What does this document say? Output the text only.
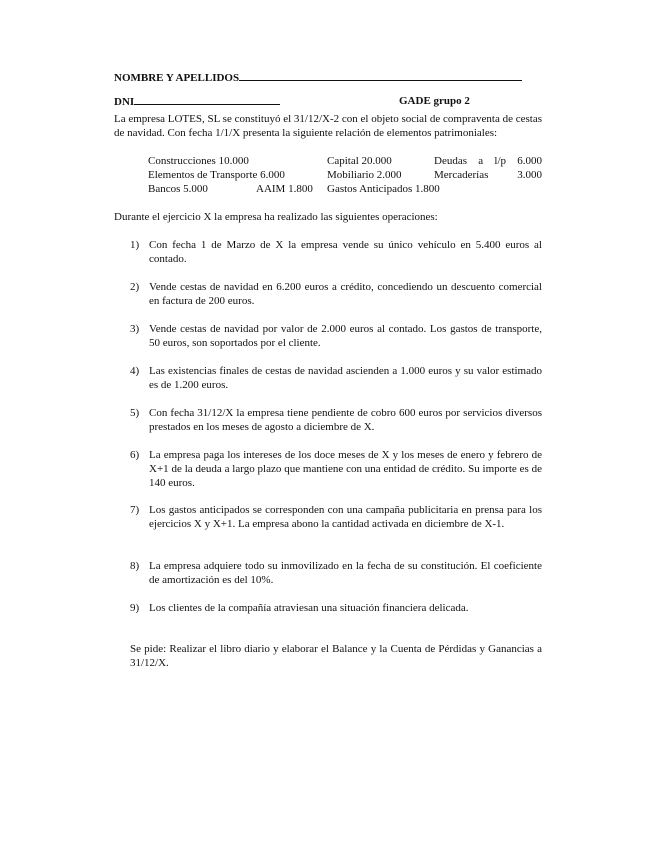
NOMBRE Y APELLIDOS
DNI	GADE grupo 2
La empresa LOTES, SL se constituyó el 31/12/X-2 con el objeto social de compraventa de cestas de navidad. Con fecha 1/1/X presenta la siguiente relación de elementos patrimoniales:
Construcciones 10.000	Capital 20.000	Deudas a l/p 6.000
Elementos de Transporte 6.000	Mobiliario 2.000	Mercaderías 3.000
Bancos 5.000	AAIM 1.800 Gastos Anticipados 1.800
Durante el ejercicio X la empresa ha realizado las siguientes operaciones:
1) Con fecha 1 de Marzo de X la empresa vende su único vehículo en 5.400 euros al contado.
2) Vende cestas de navidad en 6.200 euros a crédito, concediendo un descuento comercial en factura de 200 euros.
3) Vende cestas de navidad por valor de 2.000 euros al contado. Los gastos de transporte, 50 euros, son soportados por el cliente.
4) Las existencias finales de cestas de navidad ascienden a 1.000 euros y su valor estimado es de 1.200 euros.
5) Con fecha 31/12/X la empresa tiene pendiente de cobro 600 euros por servicios diversos prestados en los meses de agosto a diciembre de X.
6) La empresa paga los intereses de los doce meses de X y los meses de enero y febrero de X+1 de la deuda a largo plazo que mantiene con una entidad de crédito. Su importe es de 140 euros.
7) Los gastos anticipados se corresponden con una campaña publicitaria en prensa para los ejercicios X y X+1. La empresa abono la cantidad activada en diciembre de X-1.
8) La empresa adquiere todo su inmovilizado en la fecha de su constitución. El coeficiente de amortización es del 10%.
9) Los clientes de la compañía atraviesan una situación financiera delicada.
Se pide: Realizar el libro diario y elaborar el Balance y la Cuenta de Pérdidas y Ganancias a 31/12/X.
